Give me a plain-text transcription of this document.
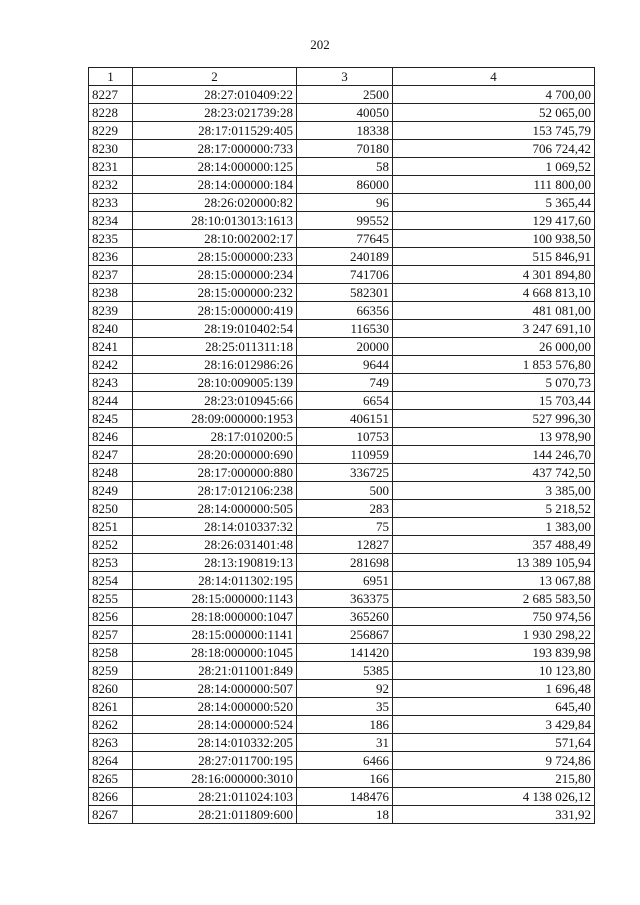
202
1	2	3	4
8227	28:27:010409:22	2500	4 700,00
8228	28:23:021739:28	40050	52 065,00
8229	28:17:011529:405	18338	153 745,79
8230	28:17:000000:733	70180	706 724,42
8231	28:14:000000:125	58	1 069,52
8232	28:14:000000:184	86000	111 800,00
8233	28:26:020000:82	96	5 365,44
8234	28:10:013013:1613	99552	129 417,60
8235	28:10:002002:17	77645	100 938,50
8236	28:15:000000:233	240189	515 846,91
8237	28:15:000000:234	741706	4 301 894,80
8238	28:15:000000:232	582301	4 668 813,10
8239	28:15:000000:419	66356	481 081,00
8240	28:19:010402:54	116530	3 247 691,10
8241	28:25:011311:18	20000	26 000,00
8242	28:16:012986:26	9644	1 853 576,80
8243	28:10:009005:139	749	5 070,73
8244	28:23:010945:66	6654	15 703,44
8245	28:09:000000:1953	406151	527 996,30
8246	28:17:010200:5	10753	13 978,90
8247	28:20:000000:690	110959	144 246,70
8248	28:17:000000:880	336725	437 742,50
8249	28:17:012106:238	500	3 385,00
8250	28:14:000000:505	283	5 218,52
8251	28:14:010337:32	75	1 383,00
8252	28:26:031401:48	12827	357 488,49
8253	28:13:190819:13	281698	13 389 105,94
8254	28:14:011302:195	6951	13 067,88
8255	28:15:000000:1143	363375	2 685 583,50
8256	28:18:000000:1047	365260	750 974,56
8257	28:15:000000:1141	256867	1 930 298,22
8258	28:18:000000:1045	141420	193 839,98
8259	28:21:011001:849	5385	10 123,80
8260	28:14:000000:507	92	1 696,48
8261	28:14:000000:520	35	645,40
8262	28:14:000000:524	186	3 429,84
8263	28:14:010332:205	31	571,64
8264	28:27:011700:195	6466	9 724,86
8265	28:16:000000:3010	166	215,80
8266	28:21:011024:103	148476	4 138 026,12
8267	28:21:011809:600	18	331,92
